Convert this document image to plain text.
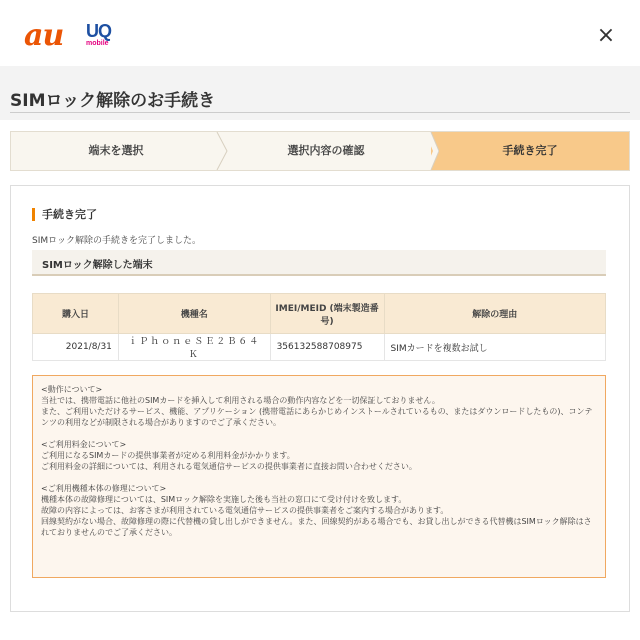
au UQ
mobile	×
SIMロック解除のお手続き
端末を選択	選択内容の確認	手続き完了
手続き完了
SIMロック解除の手続きを完了しました。
SIMロック解除した端末
購入日	機種名	IMEI/MEID (端末製造番号)	解除の理由
2021/8/31	ｉＰｈｏｎｅＳＥ２Ｂ６４Ｋ	356132588708975	SIMカードを複数お試し

<動作について>

当社では、携帯電話に他社のSIMカードを挿入して利用される場合の動作内容などを一切保証しておりません。

また、ご利用いただけるサービス、機能、アプリケーション (携帯電話にあらかじめインストールされているもの、またはダウンロードしたもの)、コンテンツの利用などが制限される場合がありますのでご了承ください。

<ご利用料金について>

ご利用になるSIMカードの提供事業者が定める利用料金がかかります。

ご利用料金の詳細については、利用される電気通信サービスの提供事業者に直接お問い合わせください。

<ご利用機種本体の修理について>

機種本体の故障修理については、SIMロック解除を実施した後も当社の窓口にて受け付けを致します。

故障の内容によっては、お客さまが利用されている電気通信サービスの提供事業者をご案内する場合があります。

回線契約がない場合、故障修理の際に代替機の貸し出しができません。また、回線契約がある場合でも、お貸し出しができる代替機はSIMロック解除はされておりませんのでご了承ください。
